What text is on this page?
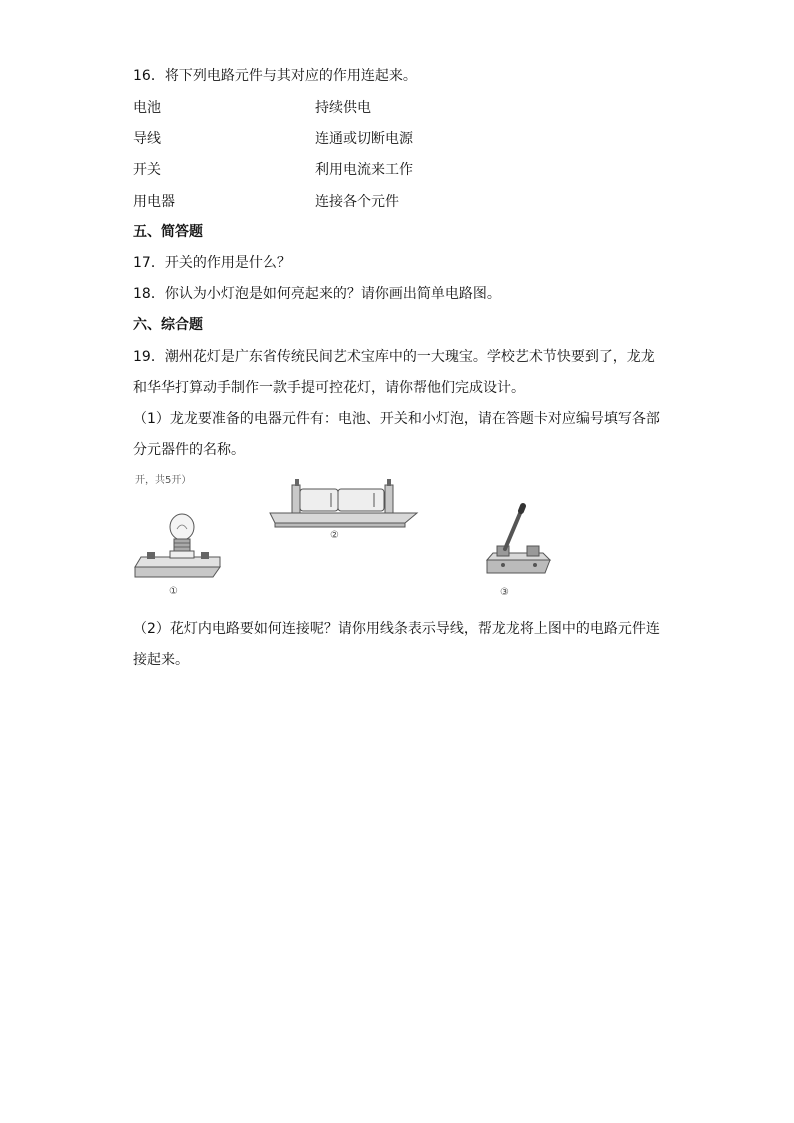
16．将下列电路元件与其对应的作用连起来。
电池	持续供电
导线	连通或切断电源
开关	利用电流来工作
用电器	连接各个元件
五、简答题
17．开关的作用是什么？
18．你认为小灯泡是如何亮起来的？请你画出简单电路图。
六、综合题
19．潮州花灯是广东省传统民间艺术宝库中的一大瑰宝。学校艺术节快要到了，龙龙
和华华打算动手制作一款手提可控花灯，请你帮他们完成设计。
（1）龙龙要准备的电器元件有：电池、开关和小灯泡，请在答题卡对应编号填写各部
分元器件的名称。
开，共5开）
①
②
③
（2）花灯内电路要如何连接呢？请你用线条表示导线，帮龙龙将上图中的电路元件连
接起来。
